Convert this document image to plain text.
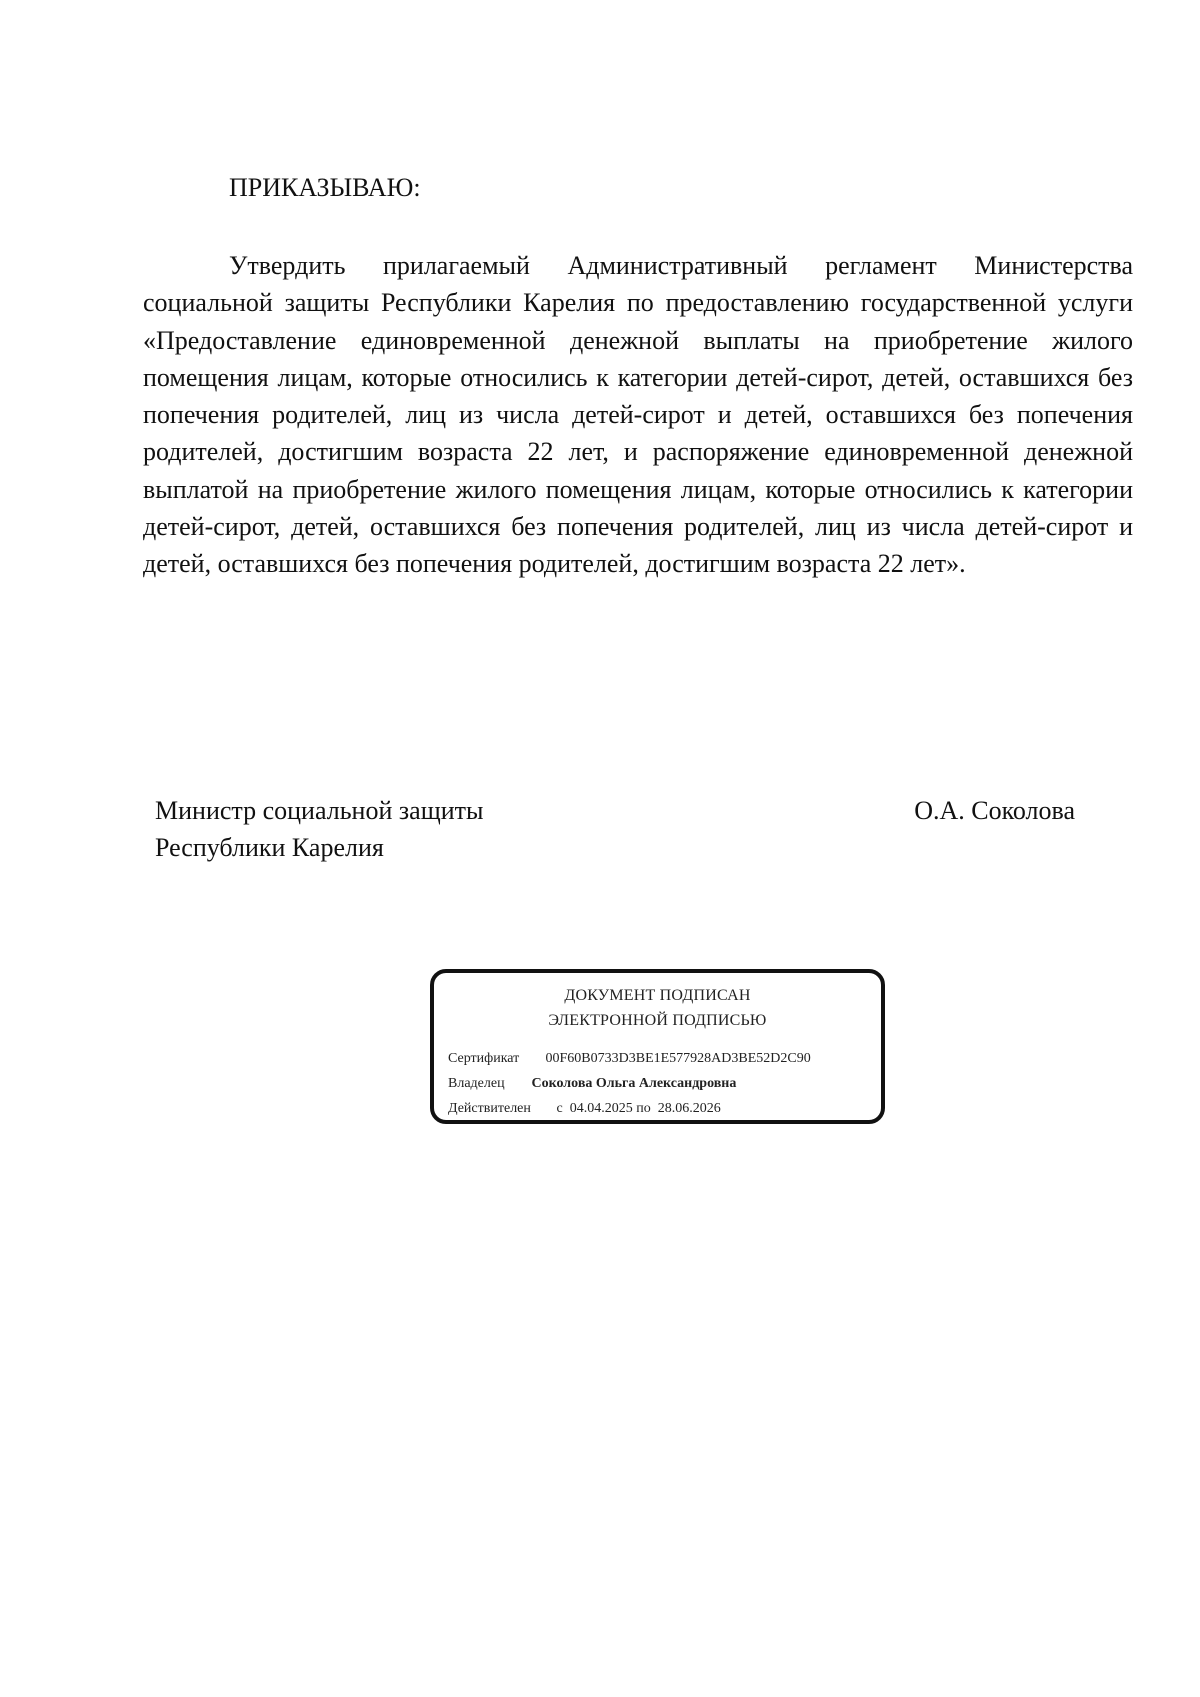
ПРИКАЗЫВАЮ:

Утвердить прилагаемый Административный регламент Министерства социальной защиты Республики Карелия по предоставлению государственной услуги «Предоставление единовременной денежной выплаты на приобретение жилого помещения лицам, которые относились к категории детей-сирот, детей, оставшихся без попечения родителей, лиц из числа детей-сирот и детей, оставшихся без попечения родителей, достигшим возраста 22 лет, и распоряжение единовременной денежной выплатой на приобретение жилого помещения лицам, которые относились к категории детей-сирот, детей, оставшихся без попечения родителей, лиц из числа детей-сирот и детей, оставшихся без попечения родителей, достигшим возраста 22 лет».

Министр социальной защиты
Республики Карелия
О.А. Соколова
ДОКУМЕНТ ПОДПИСАН
ЭЛЕКТРОННОЙ ПОДПИСЬЮ
Сертификат 00F60B0733D3BE1E577928AD3BE52D2C90
Владелец Соколова Ольга Александровна
Действителен с 04.04.2025 по 28.06.2026
